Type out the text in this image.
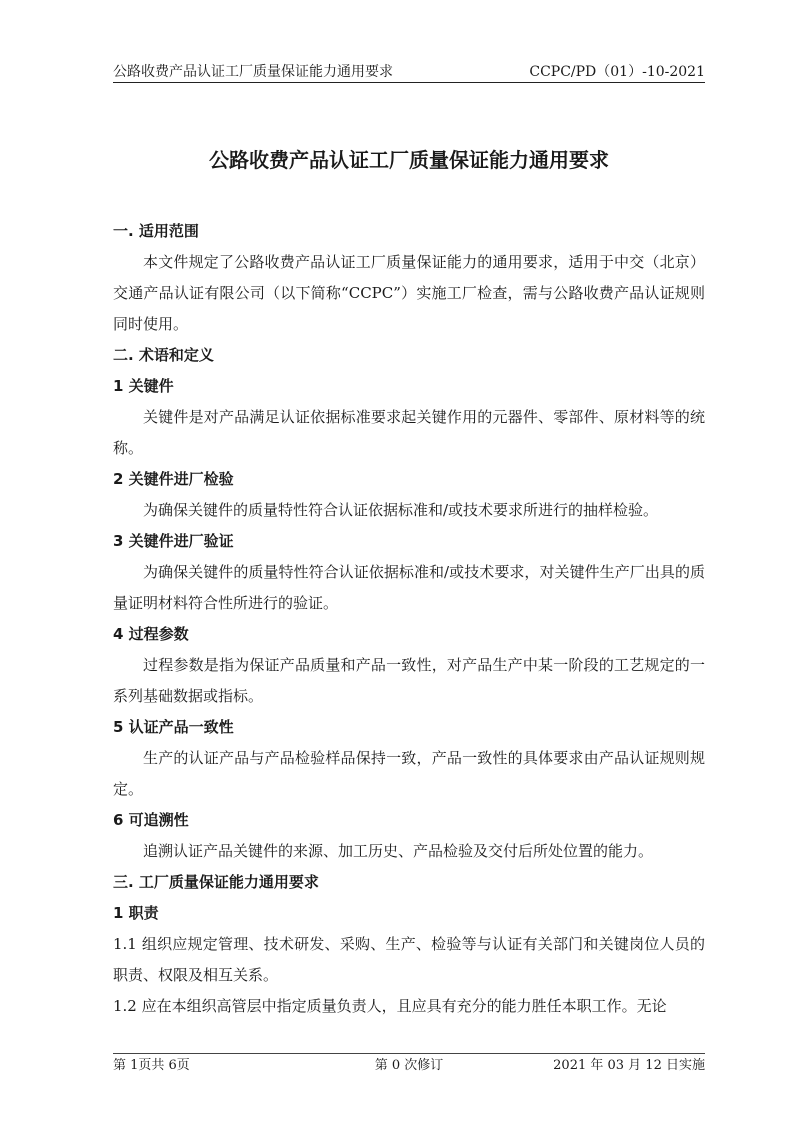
公路收费产品认证工厂质量保证能力通用要求	CCPC/PD（01）-10-2021
公路收费产品认证工厂质量保证能力通用要求

一. 适用范围

本文件规定了公路收费产品认证工厂质量保证能力的通用要求，适用于中交（北京）交通产品认证有限公司（以下简称“CCPC”）实施工厂检查，需与公路收费产品认证规则同时使用。

二. 术语和定义

1 关键件

关键件是对产品满足认证依据标准要求起关键作用的元器件、零部件、原材料等的统称。

2 关键件进厂检验

为确保关键件的质量特性符合认证依据标准和/或技术要求所进行的抽样检验。

3 关键件进厂验证

为确保关键件的质量特性符合认证依据标准和/或技术要求，对关键件生产厂出具的质量证明材料符合性所进行的验证。

4 过程参数

过程参数是指为保证产品质量和产品一致性，对产品生产中某一阶段的工艺规定的一系列基础数据或指标。

5 认证产品一致性

生产的认证产品与产品检验样品保持一致，产品一致性的具体要求由产品认证规则规定。

6 可追溯性

追溯认证产品关键件的来源、加工历史、产品检验及交付后所处位置的能力。

三. 工厂质量保证能力通用要求

1 职责

1.1 组织应规定管理、技术研发、采购、生产、检验等与认证有关部门和关键岗位人员的职责、权限及相互关系。

1.2 应在本组织高管层中指定质量负责人，且应具有充分的能力胜任本职工作。无论

第 1页共 6页	第 0 次修订	2021 年 03 月 12 日实施
